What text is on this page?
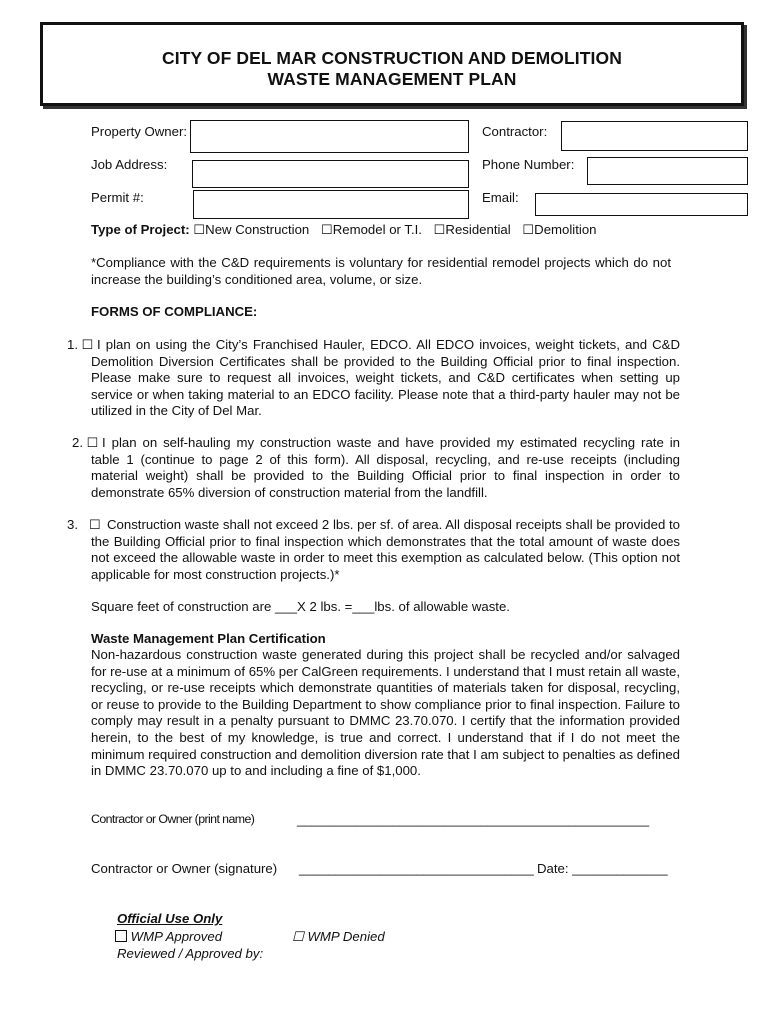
CITY OF DEL MAR CONSTRUCTION AND DEMOLITION
WASTE MANAGEMENT PLAN
Property Owner:	Contractor:
Job Address:	Phone Number:
Permit #:	Email:
Type of Project: ☐New Construction ☐Remodel or T.I. ☐Residential ☐Demolition

*Compliance with the C&D requirements is voluntary for residential remodel projects which do not increase the building’s conditioned area, volume, or size.

FORMS OF COMPLIANCE:
1. ☐ I plan on using the City’s Franchised Hauler, EDCO. All EDCO invoices, weight tickets, and C&D Demolition Diversion Certificates shall be provided to the Building Official prior to final inspection. Please make sure to request all invoices, weight tickets, and C&D certificates when setting up service or when taking material to an EDCO facility. Please note that a third-party hauler may not be utilized in the City of Del Mar.

2. ☐ I plan on self-hauling my construction waste and have provided my estimated recycling rate in table 1 (continue to page 2 of this form). All disposal, recycling, and re-use receipts (including material weight) shall be provided to the Building Official prior to final inspection in order to demonstrate 65% diversion of construction material from the landfill.

3. ☐ Construction waste shall not exceed 2 lbs. per sf. of area. All disposal receipts shall be provided to the Building Official prior to final inspection which demonstrates that the total amount of waste does not exceed the allowable waste in order to meet this exemption as calculated below. (This option not applicable for most construction projects.)*

Square feet of construction are ___X 2 lbs. =___lbs. of allowable waste.
Waste Management Plan Certification

Non-hazardous construction waste generated during this project shall be recycled and/or salvaged for re-use at a minimum of 65% per CalGreen requirements. I understand that I must retain all waste, recycling, or re-use receipts which demonstrate quantities of materials taken for disposal, recycling, or reuse to provide to the Building Department to show compliance prior to final inspection. Failure to comply may result in a penalty pursuant to DMMC 23.70.070. I certify that the information provided herein, to the best of my knowledge, is true and correct. I understand that if I do not meet the minimum required construction and demolition diversion rate that I am subject to penalties as defined in DMMC 23.70.070 up to and including a fine of $1,000.

Contractor or Owner (print name)	________________________________________________
Contractor or Owner (signature) ________________________________ Date: _____________
Official Use Only
WMP Approved	☐ WMP Denied
Reviewed / Approved by:
